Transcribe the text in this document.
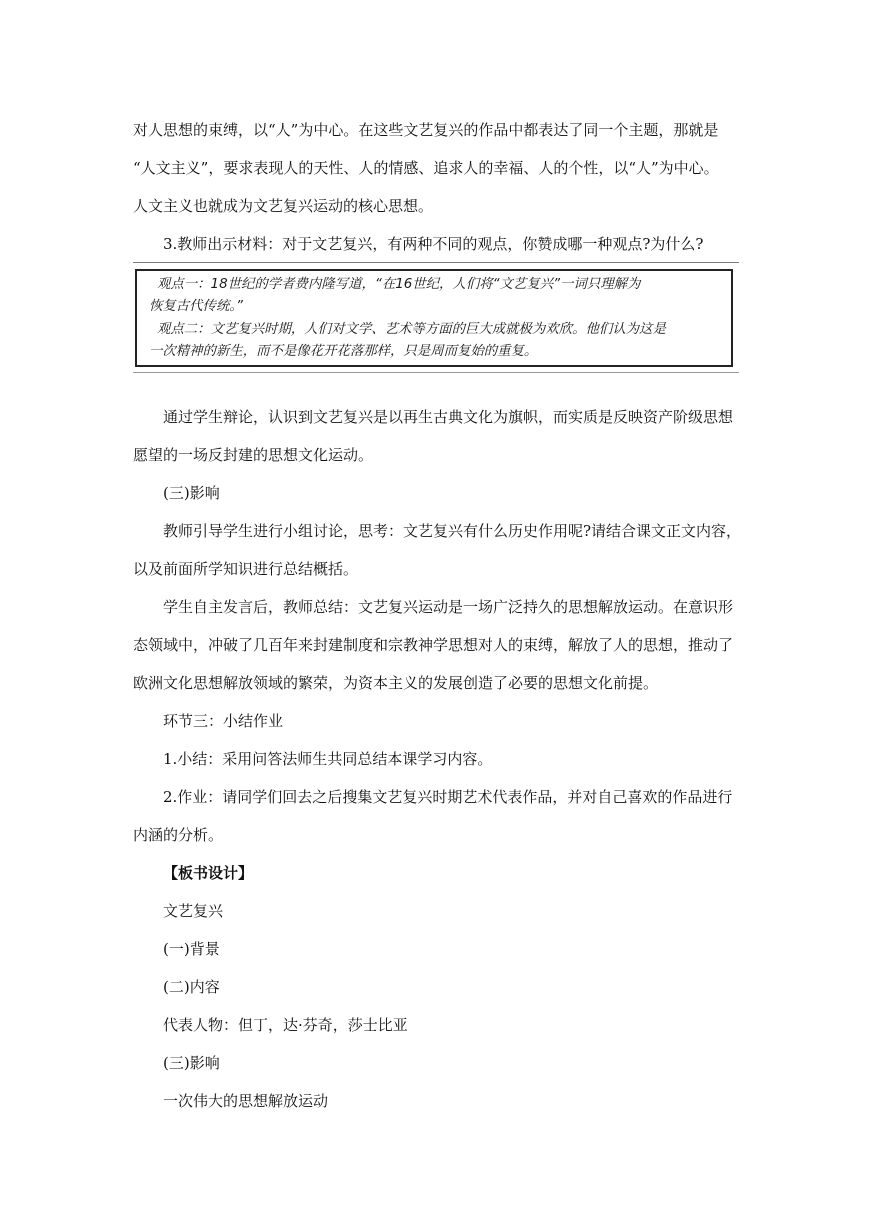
对人思想的束缚，以“人”为中心。在这些文艺复兴的作品中都表达了同一个主题，那就是
“人文主义”，要求表现人的天性、人的情感、追求人的幸福、人的个性，以“人”为中心。
人文主义也就成为文艺复兴运动的核心思想。
3.教师出示材料：对于文艺复兴，有两种不同的观点，你赞成哪一种观点?为什么?
观点一：18世纪的学者费内隆写道，“在16世纪，人们将“文艺复兴”一词只理解为
恢复古代传统。”
观点二：文艺复兴时期，人们对文学、艺术等方面的巨大成就极为欢欣。他们认为这是
一次精神的新生，而不是像花开花落那样，只是周而复始的重复。
通过学生辩论，认识到文艺复兴是以再生古典文化为旗帜，而实质是反映资产阶级思想
愿望的一场反封建的思想文化运动。
(三)影响
教师引导学生进行小组讨论，思考：文艺复兴有什么历史作用呢?请结合课文正文内容，
以及前面所学知识进行总结概括。
学生自主发言后，教师总结：文艺复兴运动是一场广泛持久的思想解放运动。在意识形
态领域中，冲破了几百年来封建制度和宗教神学思想对人的束缚，解放了人的思想，推动了
欧洲文化思想解放领域的繁荣，为资本主义的发展创造了必要的思想文化前提。
环节三：小结作业
1.小结：采用问答法师生共同总结本课学习内容。
2.作业：请同学们回去之后搜集文艺复兴时期艺术代表作品，并对自己喜欢的作品进行
内涵的分析。
【板书设计】
文艺复兴
(一)背景
(二)内容
代表人物：但丁，达·芬奇，莎士比亚
(三)影响
一次伟大的思想解放运动
